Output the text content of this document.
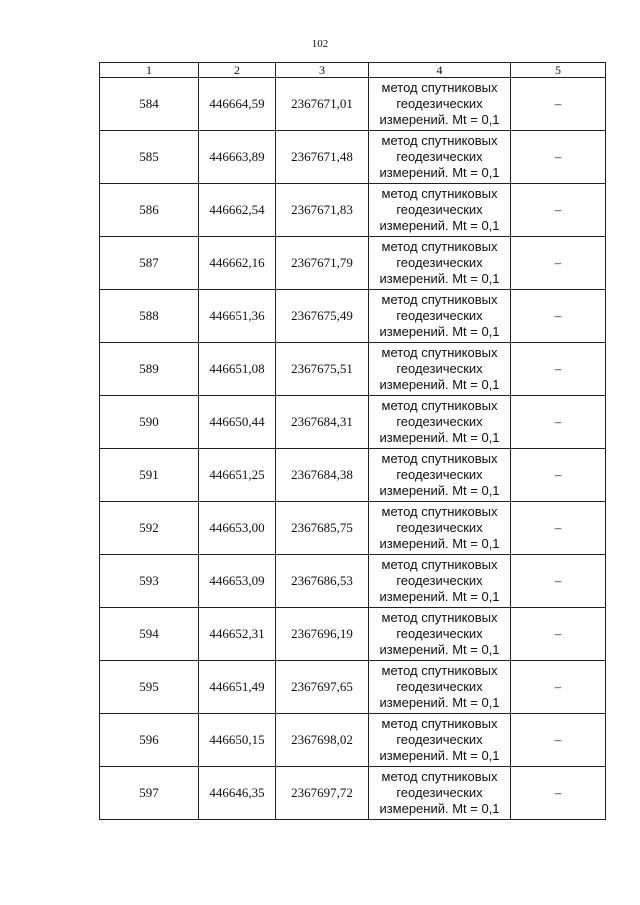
102
1	2	3	4	5
584	446664,59	2367671,01	метод спутниковых
геодезических
измерений. Mt = 0,1	–
585	446663,89	2367671,48	метод спутниковых
геодезических
измерений. Mt = 0,1	–
586	446662,54	2367671,83	метод спутниковых
геодезических
измерений. Mt = 0,1	–
587	446662,16	2367671,79	метод спутниковых
геодезических
измерений. Mt = 0,1	–
588	446651,36	2367675,49	метод спутниковых
геодезических
измерений. Mt = 0,1	–
589	446651,08	2367675,51	метод спутниковых
геодезических
измерений. Mt = 0,1	–
590	446650,44	2367684,31	метод спутниковых
геодезических
измерений. Mt = 0,1	–
591	446651,25	2367684,38	метод спутниковых
геодезических
измерений. Mt = 0,1	–
592	446653,00	2367685,75	метод спутниковых
геодезических
измерений. Mt = 0,1	–
593	446653,09	2367686,53	метод спутниковых
геодезических
измерений. Mt = 0,1	–
594	446652,31	2367696,19	метод спутниковых
геодезических
измерений. Mt = 0,1	–
595	446651,49	2367697,65	метод спутниковых
геодезических
измерений. Mt = 0,1	–
596	446650,15	2367698,02	метод спутниковых
геодезических
измерений. Mt = 0,1	–
597	446646,35	2367697,72	метод спутниковых
геодезических
измерений. Mt = 0,1	–
